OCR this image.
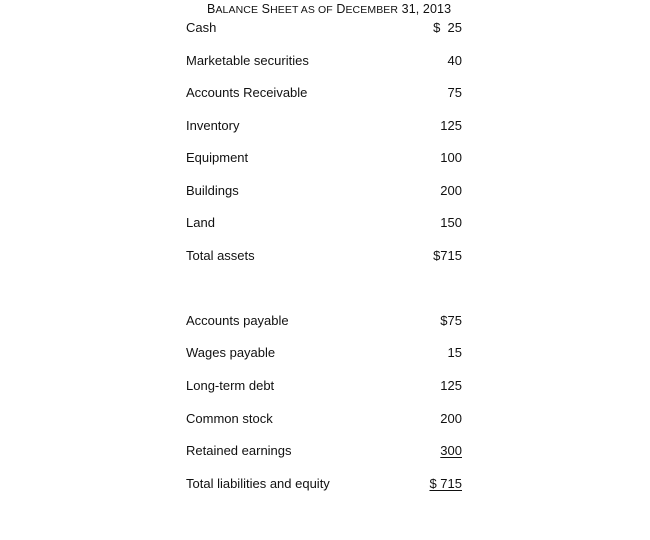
BALANCE SHEET AS OF DECEMBER 31, 2013
Cash	$  25
Marketable securities	40
Accounts Receivable	75
Inventory	125
Equipment	100
Buildings	200
Land	150
Total assets	$715
Accounts payable	$75
Wages payable	15
Long-term debt	125
Common stock	200
Retained earnings	300
Total liabilities and equity	$ 715
